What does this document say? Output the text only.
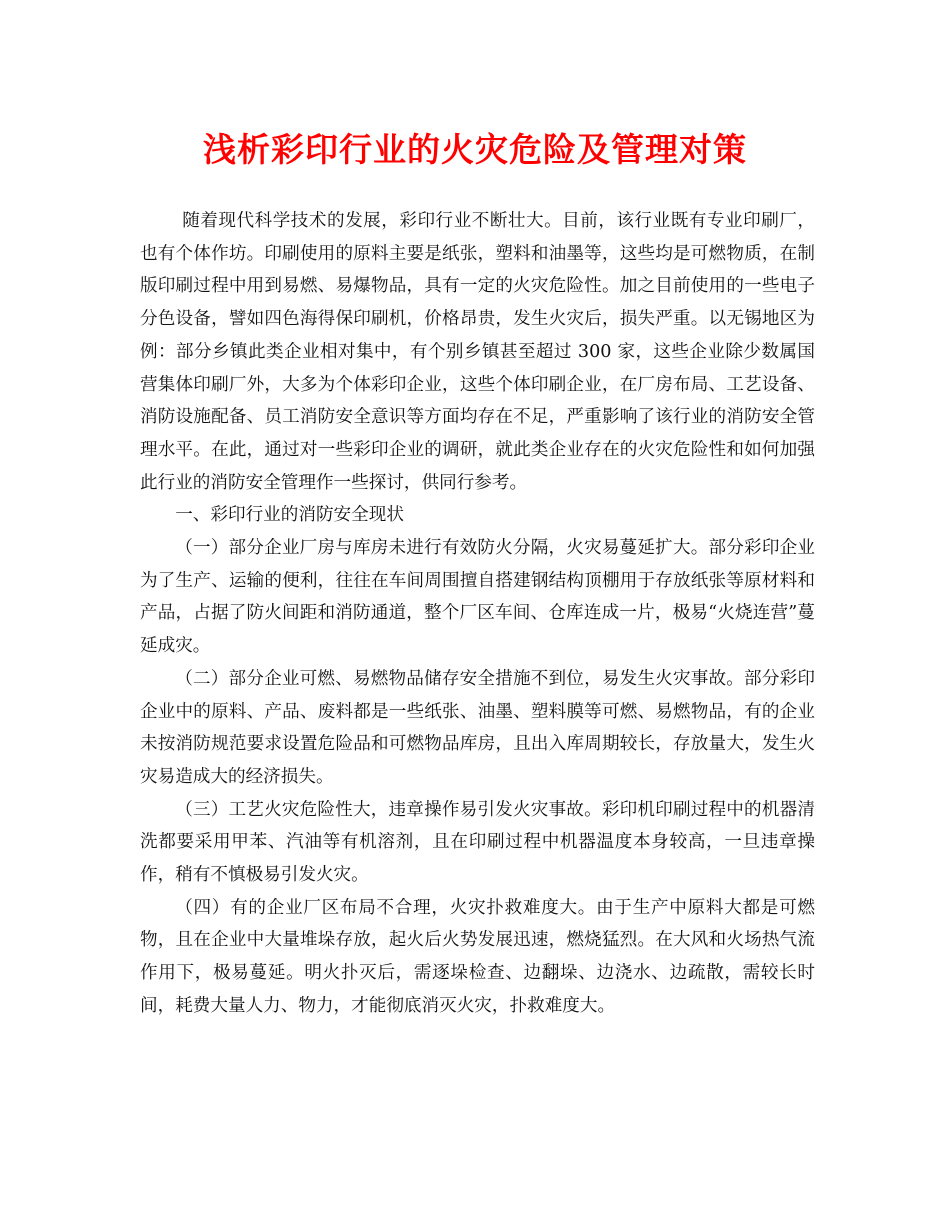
浅析彩印行业的火灾危险及管理对策

随着现代科学技术的发展，彩印行业不断壮大。目前，该行业既有专业印刷厂，也有个体作坊。印刷使用的原料主要是纸张，塑料和油墨等，这些均是可燃物质，在制版印刷过程中用到易燃、易爆物品，具有一定的火灾危险性。加之目前使用的一些电子分色设备，譬如四色海得保印刷机，价格昂贵，发生火灾后，损失严重。以无锡地区为例：部分乡镇此类企业相对集中，有个别乡镇甚至超过 300 家，这些企业除少数属国营集体印刷厂外，大多为个体彩印企业，这些个体印刷企业，在厂房布局、工艺设备、消防设施配备、员工消防安全意识等方面均存在不足，严重影响了该行业的消防安全管理水平。在此，通过对一些彩印企业的调研，就此类企业存在的火灾危险性和如何加强此行业的消防安全管理作一些探讨，供同行参考。

一、彩印行业的消防安全现状

（一）部分企业厂房与库房未进行有效防火分隔，火灾易蔓延扩大。部分彩印企业为了生产、运输的便利，往往在车间周围擅自搭建钢结构顶棚用于存放纸张等原材料和产品，占据了防火间距和消防通道，整个厂区车间、仓库连成一片，极易“火烧连营”蔓延成灾。

（二）部分企业可燃、易燃物品储存安全措施不到位，易发生火灾事故。部分彩印企业中的原料、产品、废料都是一些纸张、油墨、塑料膜等可燃、易燃物品，有的企业未按消防规范要求设置危险品和可燃物品库房，且出入库周期较长，存放量大，发生火灾易造成大的经济损失。

（三）工艺火灾危险性大，违章操作易引发火灾事故。彩印机印刷过程中的机器清洗都要采用甲苯、汽油等有机溶剂，且在印刷过程中机器温度本身较高，一旦违章操作，稍有不慎极易引发火灾。

（四）有的企业厂区布局不合理，火灾扑救难度大。由于生产中原料大都是可燃物，且在企业中大量堆垛存放，起火后火势发展迅速，燃烧猛烈。在大风和火场热气流作用下，极易蔓延。明火扑灭后，需逐垛检查、边翻垛、边浇水、边疏散，需较长时间，耗费大量人力、物力，才能彻底消灭火灾，扑救难度大。
